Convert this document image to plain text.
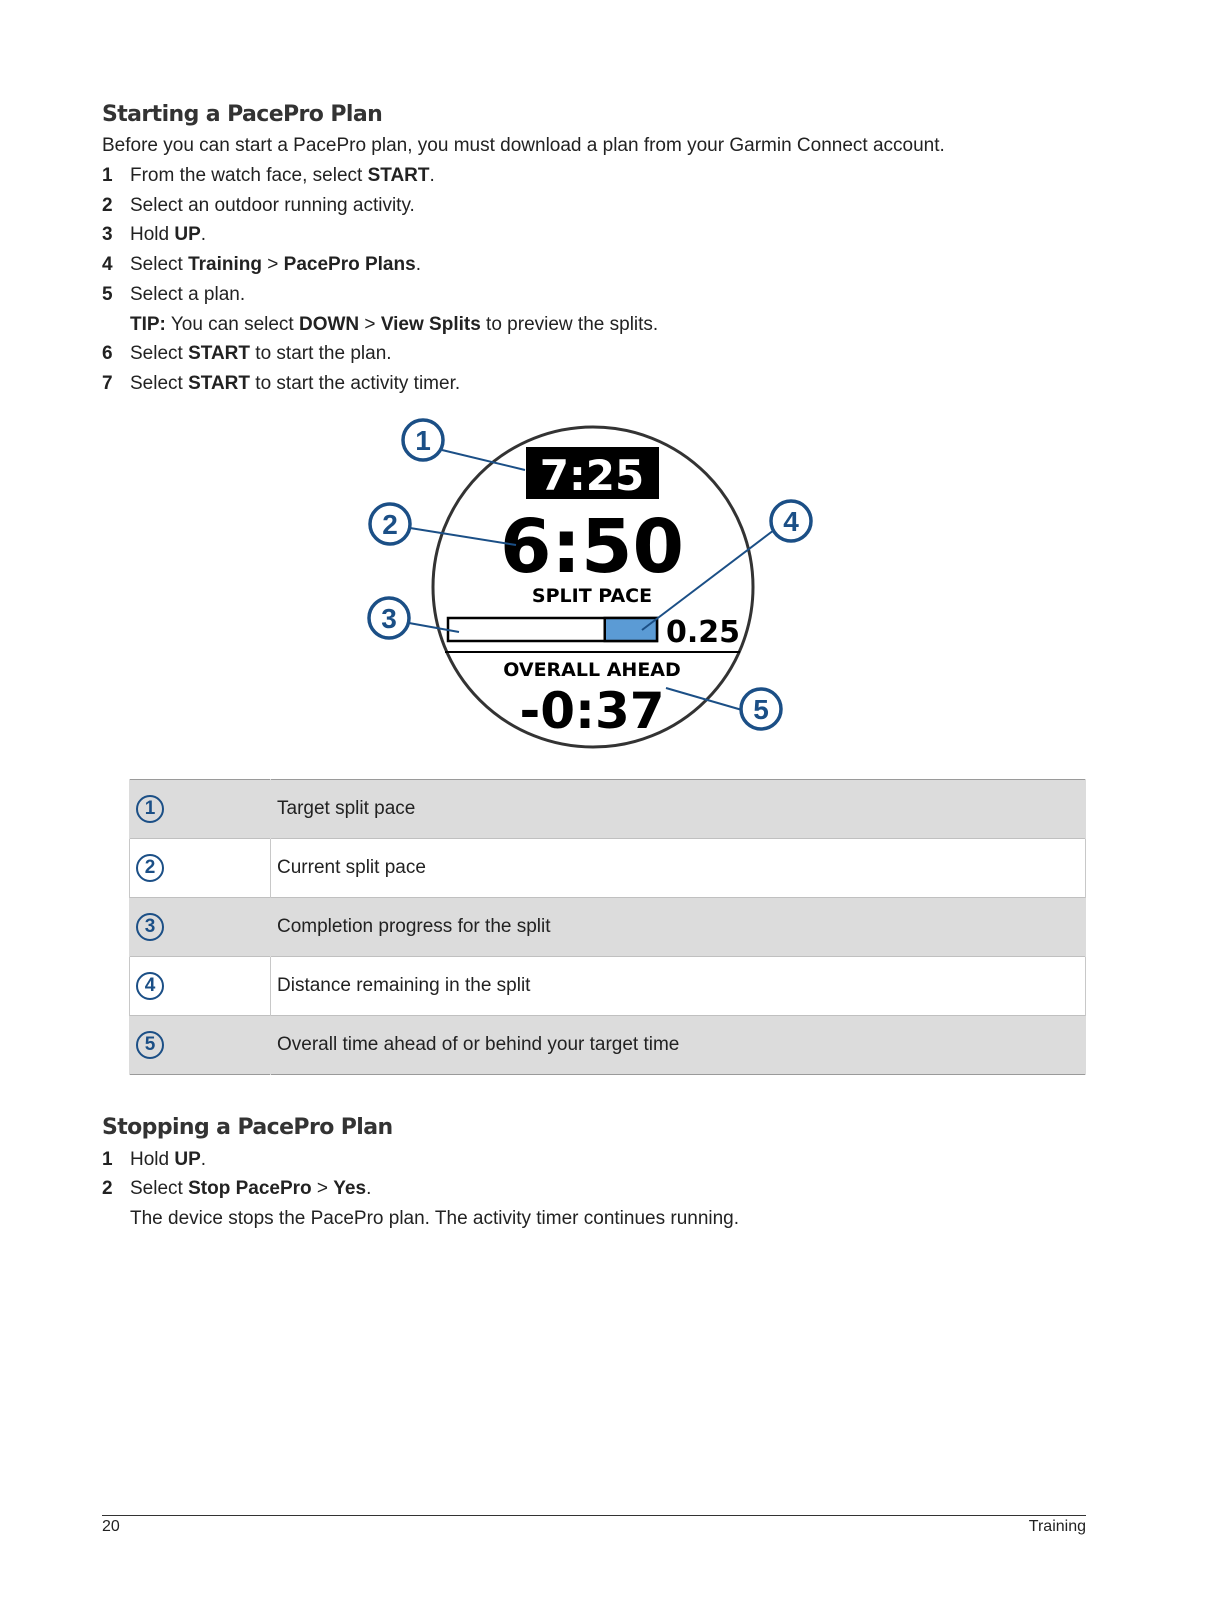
Starting a PacePro Plan

Before you can start a PacePro plan, you must download a plan from your Garmin Connect account.

1 From the watch face, select START.
2 Select an outdoor running activity.
3 Hold UP.
4 Select Training > PacePro Plans.
5 Select a plan.
TIP: You can select DOWN > View Splits to preview the splits.
6 Select START to start the plan.
7 Select START to start the activity timer.
7:25
6:50
SPLIT PACE
0.25
OVERALL AHEAD
-0:37
1
2
3
4
5
1	Target split pace
2	Current split pace
3	Completion progress for the split
4	Distance remaining in the split
5	Overall time ahead of or behind your target time
Stopping a PacePro Plan
1 Hold UP.
2 Select Stop PacePro > Yes.
The device stops the PacePro plan. The activity timer continues running.
20	Training
